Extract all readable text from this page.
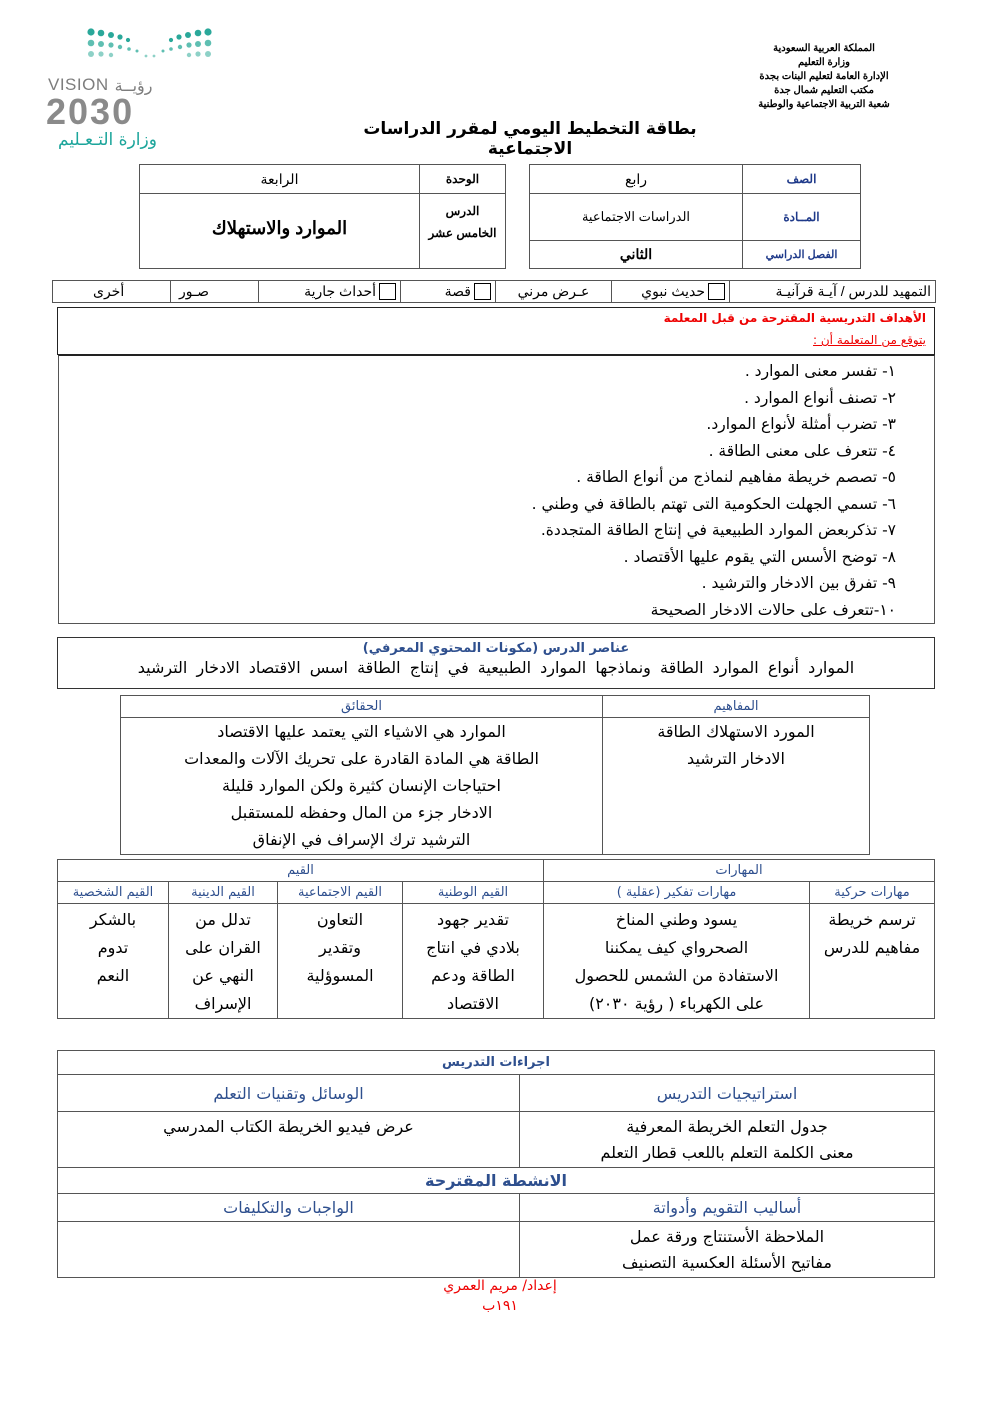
VISION رؤيــة
2030
وزارة التـعـليم
المملكة العربية السعودية
وزارة التعليم
الإدارة العامة لتعليم البنات بجدة
مكتب التعليم شمال جدة
شعبة التربية الاجتماعية والوطنية
بطاقة التخطيط اليومي لمقرر الدراسات الاجتماعية
الصف	رابع
المــادة	الدراسات الاجتماعية
الفصل الدراسي	الثاني
الوحدة	الرابعة

الدرس
الخامس عشر	الموارد والاستهلاك
التمهيد للدرس / آيـة قرآنيـة	حديث نبوي	عـرض مرني	قصة	أحداث جارية	صـور	أخرى
الأهداف التدريسية المقترحة من قبل المعلمة
يتوقع من المتعلمة أن :
١- تفسر معنى الموارد .
٢- تصنف أنواع الموارد .
٣- تضرب أمثلة لأنواع الموارد.
٤- تتعرف على معنى الطاقة .
٥- تصصم خريطة مفاهيم لنماذج من أنواع الطاقة .
٦- تسمي الجهلت الحكومية التى تهتم بالطاقة في وطني .
٧- تذكربعض الموارد الطبيعية في إنتاج الطاقة المتجددة.
٨- توضح الأسس التي يقوم عليها الأقتصاد .
٩- تفرق بين الادخار والترشيد .
١٠-تتعرف على حالات الادخار الصحيحة
عناصر الدرس (مكونات المحتوي المعرفي)
الموارد أنواع الموارد الطاقة ونماذجها الموارد الطبيعية في إنتاج الطاقة اسس الاقتصاد الادخار الترشيد
المفاهيم	الحقائق

المورد الاستهلاك الطاقة
الادخار الترشيد

الموارد هي الاشياء التي يعتمد عليها الاقتصاد
الطاقة هي المادة القادرة على تحريك الآلات والمعدات
احتياجات الإنسان كثيرة ولكن الموارد قليلة
الادخار جزء من المال وحفظه للمستقبل
الترشيد ترك الإسراف في الإنفاق
المهارات		القيم			
مهارات حركية	مهارات تفكير (عقلية )	القيم الوطنية	القيم الاجتماعية	القيم الدينية	القيم الشخصية

ترسم خريطة
مفاهيم للدرس

يسود وطني المناخ
الصحرواي كيف يمكننا
الاستفادة من الشمس للحصول
على الكهرباء ( رؤية ٢٠٣٠)

تقدير جهود
بلادي في انتاج
الطاقة ودعم
الاقتصاد

التعاون
وتقدير
المسوؤلية

تدلل من
القران على
النهي عن
الإسراف

بالشكر
تدوم
النعم
اجراءات التدريس	
استراتيجيات التدريس	الوسائل وتقنيات التعلم

جدول التعلم الخريطة المعرفية
معنى الكلمة التعلم باللعب قطار التعلم	عرض فيديو الخريطة الكتاب المدرسي

الانشطة المقترحة	
أساليب التقويم وأدواتة	الواجبات والتكليفات

الملاحظة الأستنتاج ورقة عمل
مفاتيح الأسئلة العكسية التصنيف	

إعداد/ مريم العمري
١٩١ب
